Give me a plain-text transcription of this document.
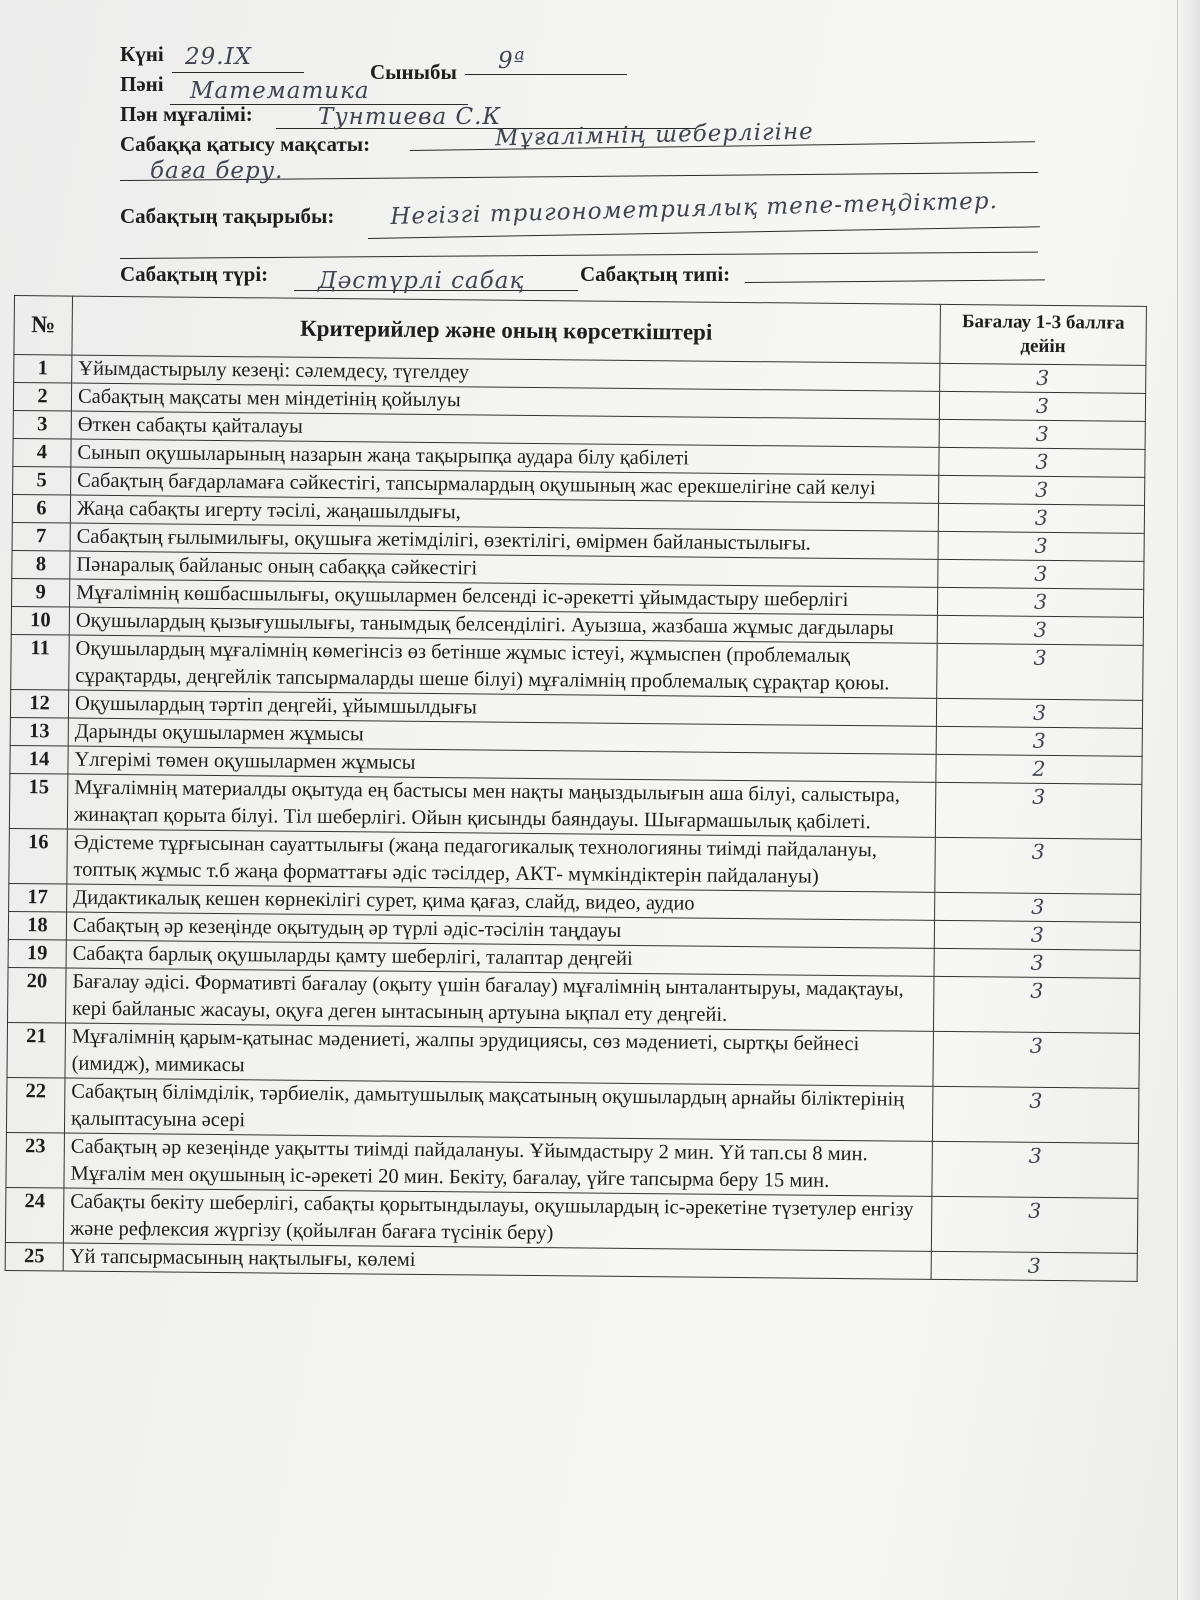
Күні 29.IX
Сыныбы 9ª
Пәні Математика
Пән мұғалімі:	Тунтиева С.К
Сабаққа қатысу мақсаты:	Мұғалімнің шеберлігіне
баға беру.
Сабақтың тақырыбы: Негізгі тригонометриялық тепе-теңдіктер.
Сабақтың түрі: Дәстүрлі сабақ	Сабақтың типі:
№	Критерийлер және оның көрсеткіштері	Бағалау 1-3 баллға дейін
1	Ұйымдастырылу кезеңі: сәлемдесу, түгелдеу	3
2	Сабақтың мақсаты мен міндетінің қойылуы	3
3	Өткен сабақты қайталауы	3
4	Сынып оқушыларының назарын жаңа тақырыпқа аудара білу қабілеті	3
5	Сабақтың бағдарламаға сәйкестігі, тапсырмалардың оқушының жас ерекшелігіне сай келуі	3
6	Жаңа сабақты игерту тәсілі, жаңашылдығы,	3
7	Сабақтың ғылымилығы, оқушыға жетімділігі, өзектілігі, өмірмен байланыстылығы.	3
8	Пәнаралық байланыс оның сабаққа сәйкестігі	3
9	Мұғалімнің көшбасшылығы, оқушылармен белсенді іс-әрекетті ұйымдастыру шеберлігі	3
10	Оқушылардың қызығушылығы, танымдық белсенділігі. Ауызша, жазбаша жұмыс дағдылары	3
11	Оқушылардың мұғалімнің көмегінсіз өз бетінше жұмыс істеуі, жұмыспен (проблемалық сұрақтарды, деңгейлік тапсырмаларды шеше білуі) мұғалімнің проблемалық сұрақтар қоюы.	3
12	Оқушылардың тәртіп деңгейі, ұйымшылдығы	3
13	Дарынды оқушылармен жұмысы	3
14	Үлгерімі төмен оқушылармен жұмысы	2
15	Мұғалімнің материалды оқытуда ең бастысы мен нақты маңыздылығын аша білуі, салыстыра, жинақтап қорыта білуі. Тіл шеберлігі. Ойын қисынды баяндауы. Шығармашылық қабілеті.	3
16	Әдістеме тұрғысынан сауаттылығы (жаңа педагогикалық технологияны тиімді пайдалануы, топтық жұмыс т.б жаңа форматтағы әдіс тәсілдер, АКТ- мүмкіндіктерін пайдалануы)	3
17	Дидактикалық кешен көрнекілігі сурет, қима қағаз, слайд, видео, аудио	3
18	Сабақтың әр кезеңінде оқытудың әр түрлі әдіс-тәсілін таңдауы	3
19	Сабақта барлық оқушыларды қамту шеберлігі, талаптар деңгейі	3
20	Бағалау әдісі. Формативті бағалау (оқыту үшін бағалау) мұғалімнің ынталантыруы, мадақтауы, кері байланыс жасауы, оқуға деген ынтасының артуына ықпал ету деңгейі.	3
21	Мұғалімнің қарым-қатынас мәдениеті, жалпы эрудициясы, сөз мәдениеті, сыртқы бейнесі (имидж), мимикасы	3
22	Сабақтың білімділік, тәрбиелік, дамытушылық мақсатының оқушылардың арнайы біліктерінің қалыптасуына әсері	3
23	Сабақтың әр кезеңінде уақытты тиімді пайдалануы. Ұйымдастыру 2 мин. Үй тап.сы 8 мин. Мұғалім мен оқушының іс-әрекеті 20 мин. Бекіту, бағалау, үйге тапсырма беру 15 мин.	3
24	Сабақты бекіту шеберлігі, сабақты қорытындылауы, оқушылардың іс-әрекетіне түзетулер енгізу және рефлексия жүргізу (қойылған бағаға түсінік беру)	3
25	Үй тапсырмасының нақтылығы, көлемі	3
